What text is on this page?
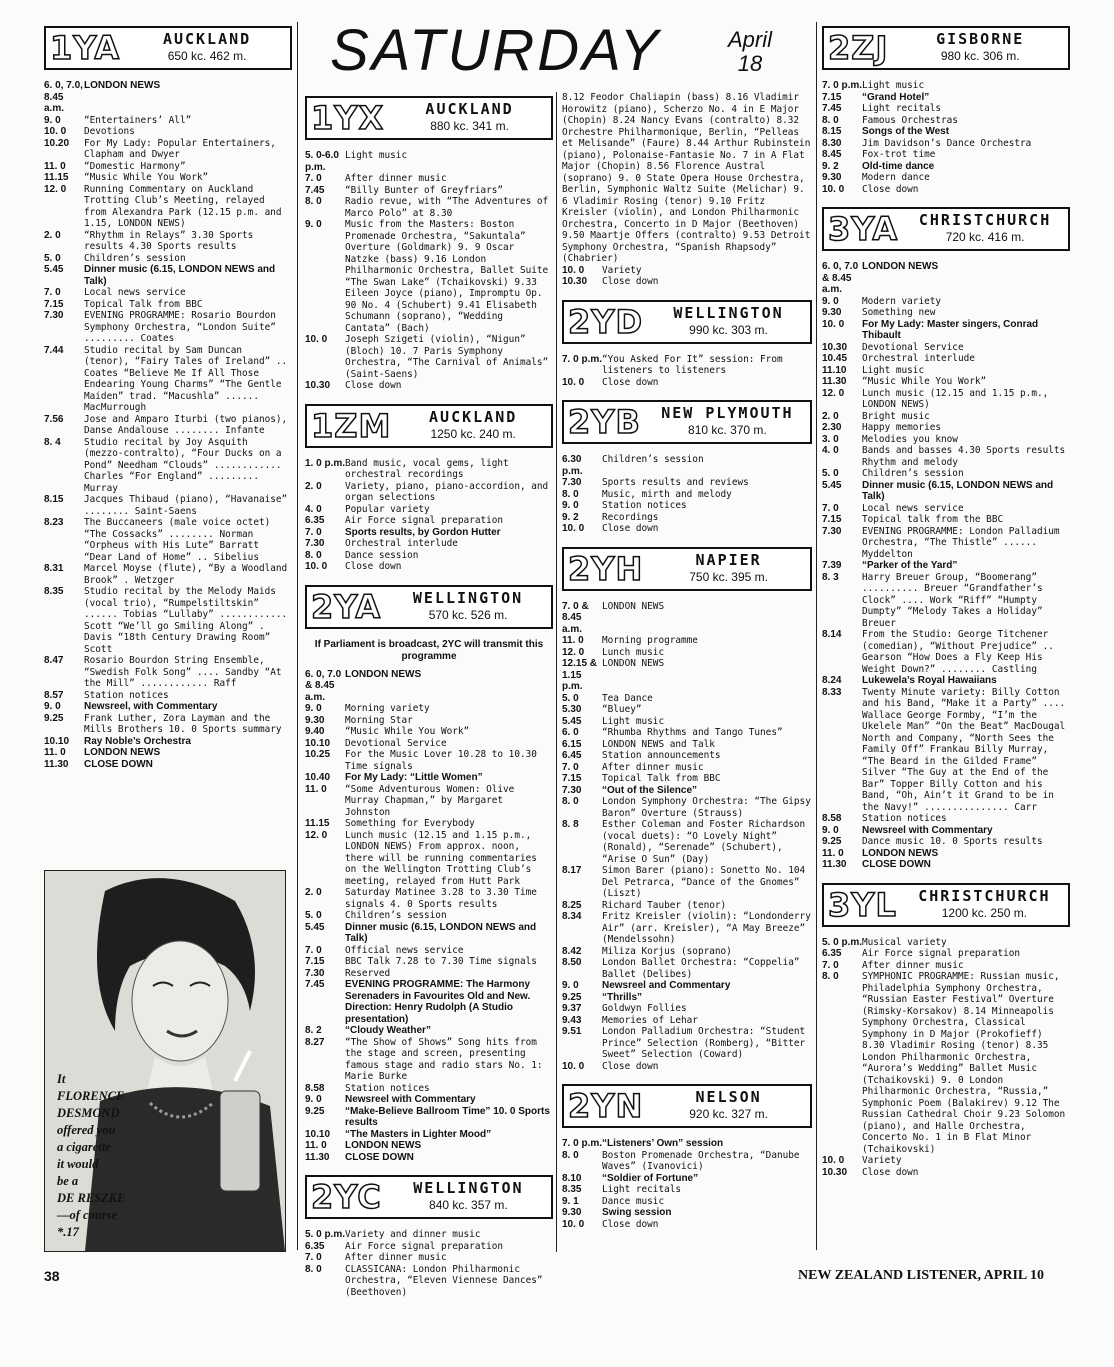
SATURDAY	April
18
1YA	AUCKLAND
650 kc. 462 m.
6. 0, 7.0, 8.45 a.m.
LONDON NEWS
9. 0	“Entertainers’ All”
10. 0	Devotions
10.20	For My Lady: Popular Entertainers, Clapham and Dwyer
11. 0	“Domestic Harmony”
11.15	“Music While You Work”
12. 0	Running Commentary on Auckland Trotting Club’s Meeting, relayed from Alexandra Park (12.15 p.m. and 1.15, LONDON NEWS)
2. 0	“Rhythm in Relays” 3.30 Sports results 4.30 Sports results
5. 0	Children’s session
5.45	Dinner music (6.15, LONDON NEWS and Talk)
7. 0	Local news service
7.15	Topical Talk from BBC
7.30	EVENING PROGRAMME: Rosario Bourdon Symphony Orchestra, “London Suite” ......... Coates
7.44	Studio recital by Sam Duncan (tenor), “Fairy Tales of Ireland” .. Coates “Believe Me If All Those Endearing Young Charms” “The Gentle Maiden” trad. “Macushla” ...... MacMurrough
7.56	Jose and Amparo Iturbi (two pianos), Danse Andalouse ........ Infante
8. 4	Studio recital by Joy Asquith (mezzo-contralto), “Four Ducks on a Pond” Needham “Clouds” ............ Charles “For England” ......... Murray
8.15	Jacques Thibaud (piano), “Havanaise” ........ Saint-Saens
8.23	The Buccaneers (male voice octet) “The Cossacks” ........ Norman “Orpheus with His Lute” Barratt “Dear Land of Home” .. Sibelius
8.31	Marcel Moyse (flute), “By a Woodland Brook” . Wetzger
8.35	Studio recital by the Melody Maids (vocal trio), “Rumpelstiltskin” ...... Tobias “Lullaby” ............ Scott “We’ll go Smiling Along” . Davis “18th Century Drawing Room” Scott
8.47	Rosario Bourdon String Ensemble, “Swedish Folk Song” .... Sandby “At the Mill” ............ Raff
8.57	Station notices
9. 0	Newsreel, with Commentary
9.25	Frank Luther, Zora Layman and the Mills Brothers 10. 0 Sports summary
10.10	Ray Noble’s Orchestra
11. 0	LONDON NEWS
11.30	CLOSE DOWN
1YX	AUCKLAND
880 kc. 341 m.
5. 0-6.0 p.m.
Light music
7. 0	After dinner music
7.45	“Billy Bunter of Greyfriars”
8. 0	Radio revue, with “The Adventures of Marco Polo” at 8.30
9. 0	Music from the Masters: Boston Promenade Orchestra, “Sakuntala” Overture (Goldmark) 9. 9 Oscar Natzke (bass) 9.16 London Philharmonic Orchestra, Ballet Suite “The Swan Lake” (Tchaikovski) 9.33 Eileen Joyce (piano), Impromptu Op. 90 No. 4 (Schubert) 9.41 Elisabeth Schumann (soprano), “Wedding Cantata” (Bach)
10. 0	Joseph Szigeti (violin), “Nigun” (Bloch) 10. 7 Paris Symphony Orchestra, “The Carnival of Animals” (Saint-Saens)
10.30	Close down
1ZM	AUCKLAND
1250 kc. 240 m.
1. 0 p.m. Band music, vocal gems, light orchestral recordings
2. 0	Variety, piano, piano-accordion, and organ selections
4. 0	Popular variety
6.35	Air Force signal preparation
7. 0	Sports results, by Gordon Hutter
7.30	Orchestral interlude
8. 0	Dance session
10. 0	Close down
2YA	WELLINGTON
570 kc. 526 m.
If Parliament is broadcast, 2YC will transmit this programme
6. 0, 7.0 & 8.45 a.m.
LONDON NEWS
9. 0	Morning variety
9.30	Morning Star
9.40	“Music While You Work”
10.10	Devotional Service
10.25	For the Music Lover 10.28 to 10.30 Time signals
10.40	For My Lady: “Little Women”
11. 0	“Some Adventurous Women: Olive Murray Chapman,” by Margaret Johnston
11.15	Something for Everybody
12. 0	Lunch music (12.15 and 1.15 p.m., LONDON NEWS) From approx. noon, there will be running commentaries on the Wellington Trotting Club’s meeting, relayed from Hutt Park
2. 0	Saturday Matinee 3.28 to 3.30 Time signals 4. 0 Sports results
5. 0	Children’s session
5.45	Dinner music (6.15, LONDON NEWS and Talk)
7. 0	Official news service
7.15	BBC Talk 7.28 to 7.30 Time signals
7.30	Reserved
7.45	EVENING PROGRAMME: The Harmony Serenaders in Favourites Old and New. Direction: Henry Rudolph (A Studio presentation)
8. 2	“Cloudy Weather”
8.27	“The Show of Shows” Song hits from the stage and screen, presenting famous stage and radio stars No. 1: Marie Burke
8.58	Station notices
9. 0	Newsreel with Commentary
9.25	“Make-Believe Ballroom Time” 10. 0 Sports results
10.10	“The Masters in Lighter Mood”
11. 0	LONDON NEWS
11.30	CLOSE DOWN
2YC	WELLINGTON
840 kc. 357 m.
5. 0 p.m. Variety and dinner music
6.35	Air Force signal preparation
7. 0	After dinner music
8. 0	CLASSICANA: London Philharmonic Orchestra, “Eleven Viennese Dances” (Beethoven)
8.12 Feodor Chaliapin (bass) 8.16 Vladimir Horowitz (piano), Scherzo No. 4 in E Major (Chopin) 8.24 Nancy Evans (contralto) 8.32 Orchestre Philharmonique, Berlin, “Pelleas et Melisande” (Faure) 8.44 Arthur Rubinstein (piano), Polonaise-Fantasie No. 7 in A Flat Major (Chopin) 8.56 Florence Austral (soprano) 9. 0 State Opera House Orchestra, Berlin, Symphonic Waltz Suite (Melichar) 9. 6 Vladimir Rosing (tenor) 9.10 Fritz Kreisler (violin), and London Philharmonic Orchestra, Concerto in D Major (Beethoven) 9.50 Maartje Offers (contralto) 9.53 Detroit Symphony Orchestra, “Spanish Rhapsody” (Chabrier)
10. 0	Variety
10.30	Close down
2YD	WELLINGTON
990 kc. 303 m.
7. 0 p.m. “You Asked For It” session: From listeners to listeners
10. 0	Close down
2YB	NEW PLYMOUTH
810 kc. 370 m.
6.30 p.m.
Children’s session
7.30	Sports results and reviews
8. 0	Music, mirth and melody
9. 0	Station notices
9. 2	Recordings
10. 0	Close down
2YH	NAPIER
750 kc. 395 m.
7. 0 & 8.45 a.m.
LONDON NEWS
11. 0	Morning programme
12. 0	Lunch music
12.15 & 1.15 p.m.
LONDON NEWS
5. 0	Tea Dance
5.30	“Bluey”
5.45	Light music
6. 0	“Rhumba Rhythms and Tango Tunes”
6.15	LONDON NEWS and Talk
6.45	Station announcements
7. 0	After dinner music
7.15	Topical Talk from BBC
7.30	“Out of the Silence”
8. 0	London Symphony Orchestra: “The Gipsy Baron” Overture (Strauss)
8. 8	Esther Coleman and Foster Richardson (vocal duets): “O Lovely Night” (Ronald), “Serenade” (Schubert), “Arise O Sun” (Day)
8.17	Simon Barer (piano): Sonetto No. 104 Del Petrarca, “Dance of the Gnomes” (Liszt)
8.25	Richard Tauber (tenor)
8.34	Fritz Kreisler (violin): “Londonderry Air” (arr. Kreisler), “A May Breeze” (Mendelssohn)
8.42	Miliza Korjus (soprano)
8.50	London Ballet Orchestra: “Coppelia” Ballet (Delibes)
9. 0	Newsreel and Commentary
9.25	“Thrills”
9.37	Goldwyn Follies
9.43	Memories of Lehar
9.51	London Palladium Orchestra: “Student Prince” Selection (Romberg), “Bitter Sweet” Selection (Coward)
10. 0	Close down
2YN	NELSON
920 kc. 327 m.
7. 0 p.m. “Listeners’ Own” session
8. 0	Boston Promenade Orchestra, “Danube Waves” (Ivanovici)
8.10	“Soldier of Fortune”
8.35	Light recitals
9. 1	Dance music
9.30	Swing session
10. 0	Close down
2ZJ	GISBORNE
980 kc. 306 m.
7. 0 p.m. Light music
7.15	“Grand Hotel”
7.45	Light recitals
8. 0	Famous Orchestras
8.15	Songs of the West
8.30	Jim Davidson’s Dance Orchestra
8.45	Fox-trot time
9. 2	Old-time dance
9.30	Modern dance
10. 0	Close down
3YA	CHRISTCHURCH
720 kc. 416 m.
6. 0, 7.0 & 8.45 a.m.
LONDON NEWS
9. 0	Modern variety
9.30	Something new
10. 0	For My Lady: Master singers, Conrad Thibault
10.30	Devotional Service
10.45	Orchestral interlude
11.10	Light music
11.30	“Music While You Work”
12. 0	Lunch music (12.15 and 1.15 p.m., LONDON NEWS)
2. 0	Bright music
2.30	Happy memories
3. 0	Melodies you know
4. 0	Bands and basses 4.30 Sports results Rhythm and melody
5. 0	Children’s session
5.45	Dinner music (6.15, LONDON NEWS and Talk)
7. 0	Local news service
7.15	Topical talk from the BBC
7.30	EVENING PROGRAMME: London Palladium Orchestra, “The Thistle” ...... Myddelton
7.39	“Parker of the Yard”
8. 3	Harry Breuer Group, “Boomerang” .......... Breuer “Grandfather’s Clock” .... Work “Riff” “Humpty Dumpty” “Melody Takes a Holiday” Breuer
8.14	From the Studio: George Titchener (comedian), “Without Prejudice” .. Gearson “How Does a Fly Keep His Weight Down?” ........ Castling
8.24	Lukewela’s Royal Hawaiians
8.33	Twenty Minute variety: Billy Cotton and his Band, “Make it a Party” .... Wallace George Formby, “I’m the Ukelele Man” “On the Beat” MacDougal North and Company, “North Sees the Family Off” Frankau Billy Murray, “The Beard in the Gilded Frame” Silver “The Guy at the End of the Bar” Topper Billy Cotton and his Band, “Oh, Ain’t it Grand to be in the Navy!” ............... Carr
8.58	Station notices
9. 0	Newsreel with Commentary
9.25	Dance music 10. 0 Sports results
11. 0	LONDON NEWS
11.30	CLOSE DOWN
3YL	CHRISTCHURCH
1200 kc. 250 m.
5. 0 p.m. Musical variety
6.35	Air Force signal preparation
7. 0	After dinner music
8. 0	SYMPHONIC PROGRAMME: Russian music, Philadelphia Symphony Orchestra, “Russian Easter Festival” Overture (Rimsky-Korsakov) 8.14 Minneapolis Symphony Orchestra, Classical Symphony in D Major (Prokofieff) 8.30 Vladimir Rosing (tenor) 8.35 London Philharmonic Orchestra, “Aurora’s Wedding” Ballet Music (Tchaikovski) 9. 0 London Philharmonic Orchestra, “Russia,” Symphonic Poem (Balakirev) 9.12 The Russian Cathedral Choir 9.23 Solomon (piano), and Halle Orchestra, Concerto No. 1 in B Flat Minor (Tchaikovski)
10. 0	Variety
10.30	Close down
It
FLORENCE
DESMOND
offered you
a cigarette
it would
be a
DE RESZKE
—of course
*.17
38	NEW ZEALAND LISTENER, APRIL 10
